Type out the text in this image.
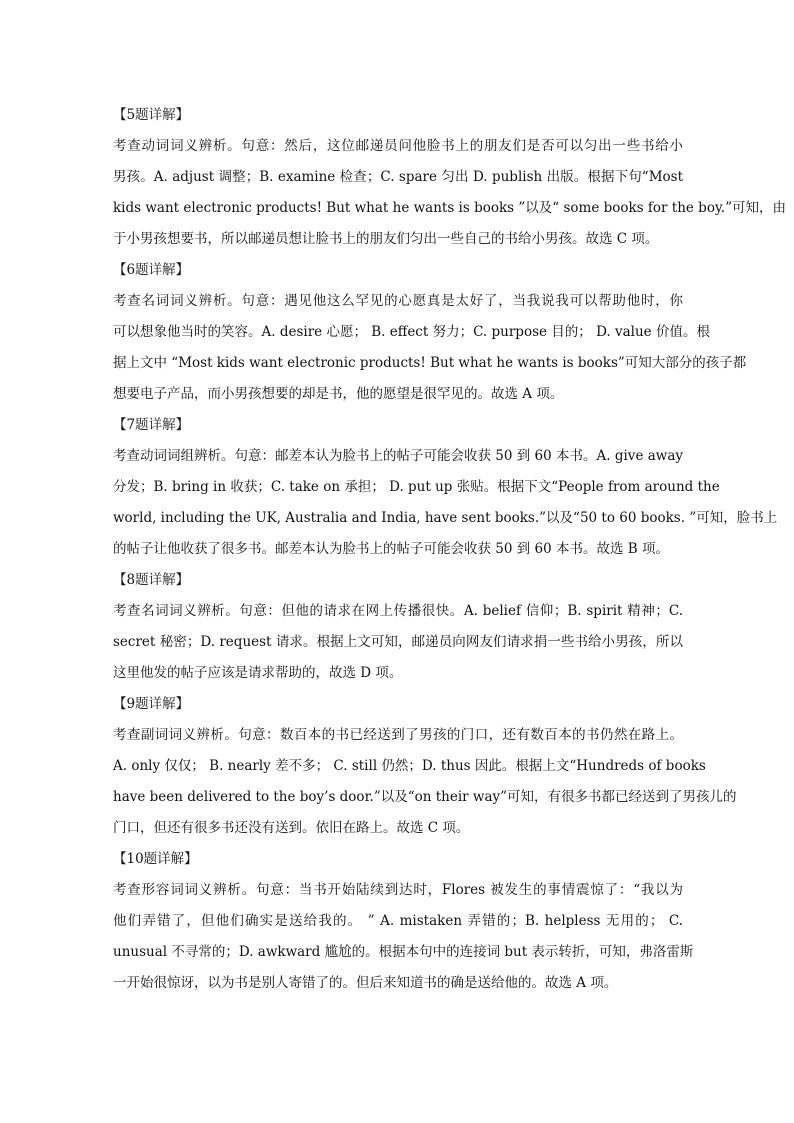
【5题详解】

考查动词词义辨析。句意：然后，这位邮递员问他脸书上的朋友们是否可以匀出一些书给小
男孩。A. adjust 调整；B. examine 检查；C. spare 匀出 D. publish 出版。根据下句“Most
kids want electronic products! But what he wants is books ”以及“ some books for the boy.”可知，由
于小男孩想要书，所以邮递员想让脸书上的朋友们匀出一些自己的书给小男孩。故选 C 项。

【6题详解】

考查名词词义辨析。句意：遇见他这么罕见的心愿真是太好了，当我说我可以帮助他时，你
可以想象他当时的笑容。A. desire 心愿； B. effect 努力；C. purpose 目的； D. value 价值。根
据上文中 “Most kids want electronic products! But what he wants is books”可知大部分的孩子都
想要电子产品，而小男孩想要的却是书，他的愿望是很罕见的。故选 A 项。

【7题详解】

考查动词词组辨析。句意：邮差本认为脸书上的帖子可能会收获 50 到 60 本书。A. give away
分发；B. bring in 收获；C. take on 承担； D. put up 张贴。根据下文“People from around the
world, including the UK, Australia and India, have sent books.”以及“50 to 60 books. ”可知，脸书上
的帖子让他收获了很多书。邮差本认为脸书上的帖子可能会收获 50 到 60 本书。故选 B 项。

【8题详解】

考查名词词义辨析。句意：但他的请求在网上传播很快。A. belief 信仰；B. spirit 精神；C.
secret 秘密；D. request 请求。根据上文可知，邮递员向网友们请求捐一些书给小男孩，所以
这里他发的帖子应该是请求帮助的，故选 D 项。

【9题详解】

考查副词词义辨析。句意：数百本的书已经送到了男孩的门口，还有数百本的书仍然在路上。
A. only 仅仅； B. nearly 差不多； C. still 仍然；D. thus 因此。根据上文“Hundreds of books
have been delivered to the boy’s door.”以及“on their way”可知，有很多书都已经送到了男孩儿的
门口，但还有很多书还没有送到。依旧在路上。故选 C 项。

【10题详解】

考查形容词词义辨析。句意：当书开始陆续到达时，Flores 被发生的事情震惊了：“我以为
他们弄错了，但他们确实是送给我的。 ” A. mistaken 弄错的；B. helpless 无用的； C.
unusual 不寻常的；D. awkward 尴尬的。根据本句中的连接词 but 表示转折，可知，弗洛雷斯
一开始很惊讶，以为书是别人寄错了的。但后来知道书的确是送给他的。故选 A 项。
